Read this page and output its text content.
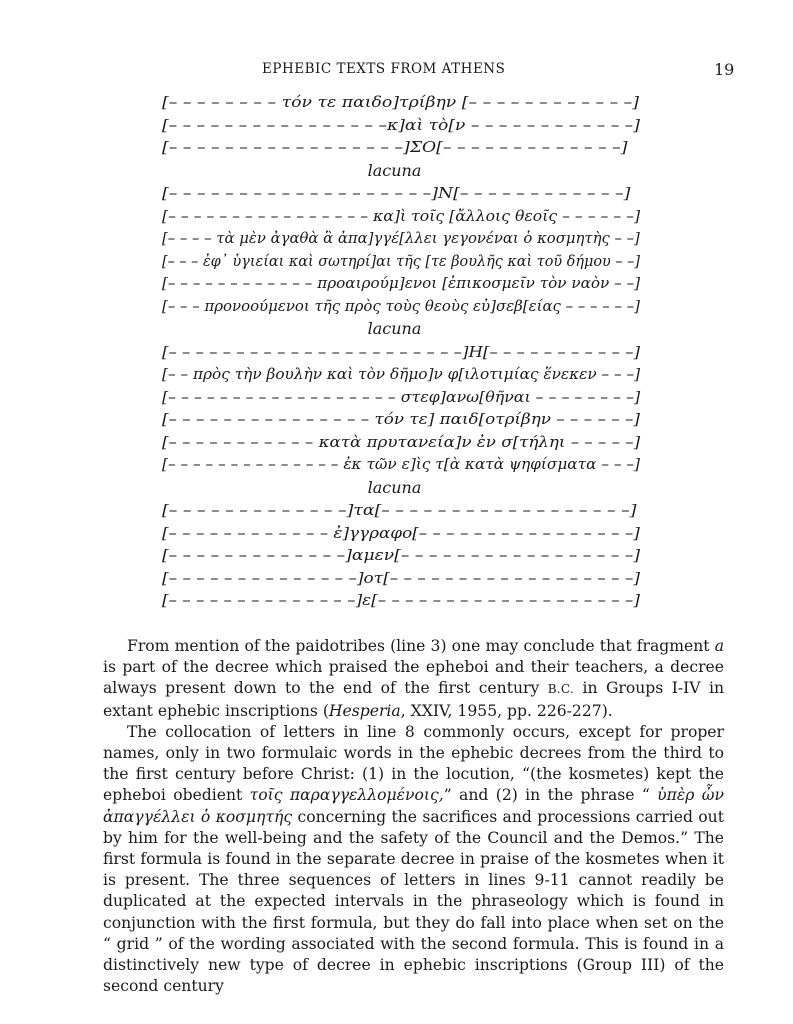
EPHEBIC TEXTS FROM ATHENS	19
[– – – – – – – – τόν τε παιδο]τρίβην [– – – – – – – – – – – –]
[– – – – – – – – – – – – – – – –κ]αὶ τὸ[ν – – – – – – – – – – – –]
[– – – – – – – – – – – – – – – – –]ΣΟ[– – – – – – – – – – – – –]
lacuna
[– – – – – – – – – – – – – – – – – – –]Ν[– – – – – – – – – – – –]
[– – – – – – – – – – – – – – – – κα]ὶ τοῖς [ἄλλοις θεοῖς – – – – – –]
[– – – – τὰ μὲν ἀγαθὰ ἃ ἀπα]γγέ[λλει γεγονέναι ὁ κοσμητὴς – –]
[– – – ἐφ᾽ ὑγιείαι καὶ σωτηρί]αι τῆς [τε βουλῆς καὶ τοῦ δήμου – –]
[– – – – – – – – – – – – προαιρούμ]ενοι [ἐπικοσμεῖν τὸν ναὸν – –]
[– – – προνοούμενοι τῆς πρὸς τοὺς θεοὺς εὐ]σεβ[είας – – – – – –]
lacuna
[– – – – – – – – – – – – – – – – – – – – – –]Η[– – – – – – – – – – –]
[– – πρὸς τὴν βουλὴν καὶ τὸν δῆμο]ν φ[ιλοτιμίας ἕνεκεν – – –]
[– – – – – – – – – – – – – – – – – – στεφ]ανω[θῆναι – – – – – – – –]
[– – – – – – – – – – – – – – – τόν τε] παιδ[οτρίβην – – – – – –]
[– – – – – – – – – – – κατὰ πρυτανεία]ν ἐν σ[τήληι – – – – –]
[– – – – – – – – – – – – – – ἐκ τῶν ε]ὶς τ[ὰ κατὰ ψηφίσματα – – –]
lacuna
[– – – – – – – – – – – – –]τα[– – – – – – – – – – – – – – – – – –]
[– – – – – – – – – – – – ἐ]γγραφο[– – – – – – – – – – – – – – – –]
[– – – – – – – – – – – – –]αμεν[– – – – – – – – – – – – – – – – –]
[– – – – – – – – – – – – – –]οτ[– – – – – – – – – – – – – – – – – –]
[– – – – – – – – – – – – – –]ε[– – – – – – – – – – – – – – – – – – –]

From mention of the paidotribes (line 3) one may conclude that fragment a is part of the decree which praised the epheboi and their teachers, a decree always present down to the end of the first century B.C. in Groups I-IV in extant ephebic inscriptions (Hesperia, XXIV, 1955, pp. 226-227).

The collocation of letters in line 8 commonly occurs, except for proper names, only in two formulaic words in the ephebic decrees from the third to the first century before Christ: (1) in the locution, “(the kosmetes) kept the epheboi obedient τοῖς παραγγελλομένοις,” and (2) in the phrase “ ὑπὲρ ὧν ἀπαγγέλλει ὁ κοσμητής concerning the sacrifices and processions carried out by him for the well-being and the safety of the Council and the Demos.” The first formula is found in the separate decree in praise of the kosmetes when it is present. The three sequences of letters in lines 9-11 cannot readily be duplicated at the expected intervals in the phraseology which is found in conjunction with the first formula, but they do fall into place when set on the “ grid ” of the wording associated with the second formula. This is found in a distinctively new type of decree in ephebic inscriptions (Group III) of the second century
